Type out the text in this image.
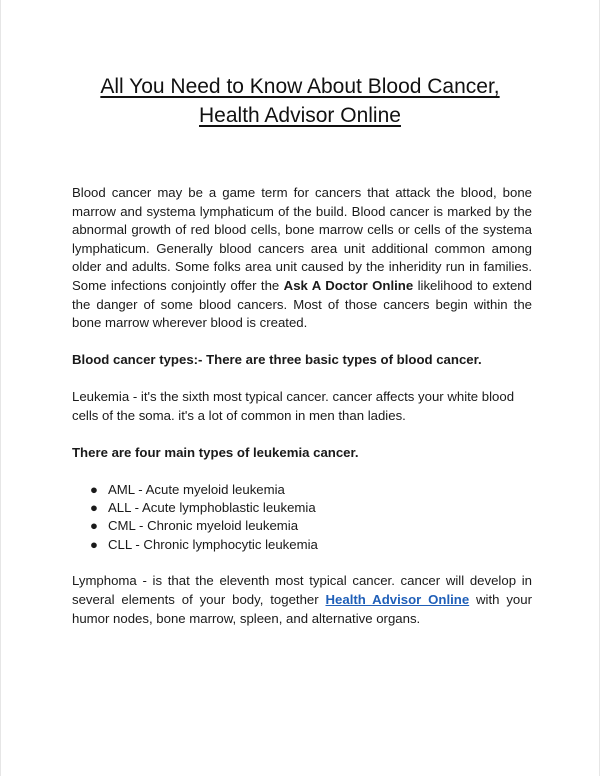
All You Need to Know About Blood Cancer,
Health Advisor Online

Blood cancer may be a game term for cancers that attack the blood, bone marrow and systema lymphaticum of the build. Blood cancer is marked by the abnormal growth of red blood cells, bone marrow cells or cells of the systema lymphaticum. Generally blood cancers area unit additional common among older and adults. Some folks area unit caused by the inheridity run in families. Some infections conjointly offer the Ask A Doctor Online likelihood to extend the danger of some blood cancers. Most of those cancers begin within the bone marrow wherever blood is created.

Blood cancer types:- There are three basic types of blood cancer.

Leukemia - it's the sixth most typical cancer. cancer affects your white blood cells of the soma. it's a lot of common in men than ladies.

There are four main types of leukemia cancer.

● AML - Acute myeloid leukemia
● ALL - Acute lymphoblastic leukemia
● CML - Chronic myeloid leukemia
● CLL - Chronic lymphocytic leukemia

Lymphoma - is that the eleventh most typical cancer. cancer will develop in several elements of your body, together Health Advisor Online with your humor nodes, bone marrow, spleen, and alternative organs.
